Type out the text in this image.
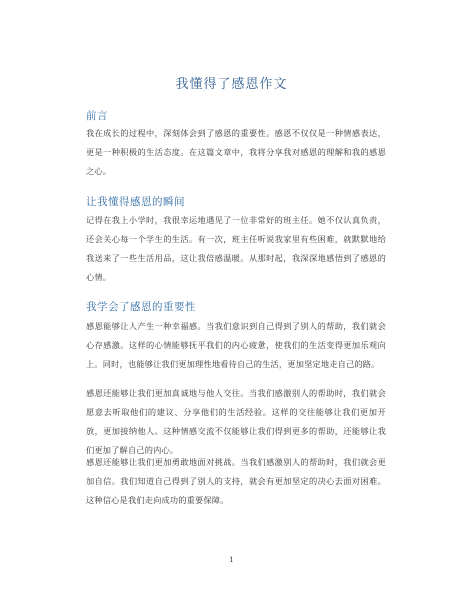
我懂得了感恩作文
前言
我在成长的过程中，深刻体会到了感恩的重要性。感恩不仅仅是一种情感表达，更是一种积极的生活态度。在这篇文章中，我将分享我对感恩的理解和我的感恩之心。
让我懂得感恩的瞬间
记得在我上小学时，我很幸运地遇见了一位非常好的班主任。她不仅认真负责，还会关心每一个学生的生活。有一次，班主任听说我家里有些困难，就默默地给我送来了一些生活用品，这让我倍感温暖。从那时起，我深深地感悟到了感恩的心情。
我学会了感恩的重要性
感恩能够让人产生一种幸福感。当我们意识到自己得到了别人的帮助，我们就会心存感激。这样的心情能够抚平我们的内心疲惫，使我们的生活变得更加乐观向上。同时，也能够让我们更加理性地看待自己的生活，更加坚定地走自己的路。
感恩还能够让我们更加真诚地与他人交往。当我们感激别人的帮助时，我们就会愿意去听取他们的建议、分享他们的生活经验。这样的交往能够让我们更加开放，更加接纳他人。这种情感交流不仅能够让我们得到更多的帮助，还能够让我们更加了解自己的内心。
感恩还能够让我们更加勇敢地面对挑战。当我们感激别人的帮助时，我们就会更加自信。我们知道自己得到了别人的支持，就会有更加坚定的决心去面对困难。这种信心是我们走向成功的重要保障。
1
